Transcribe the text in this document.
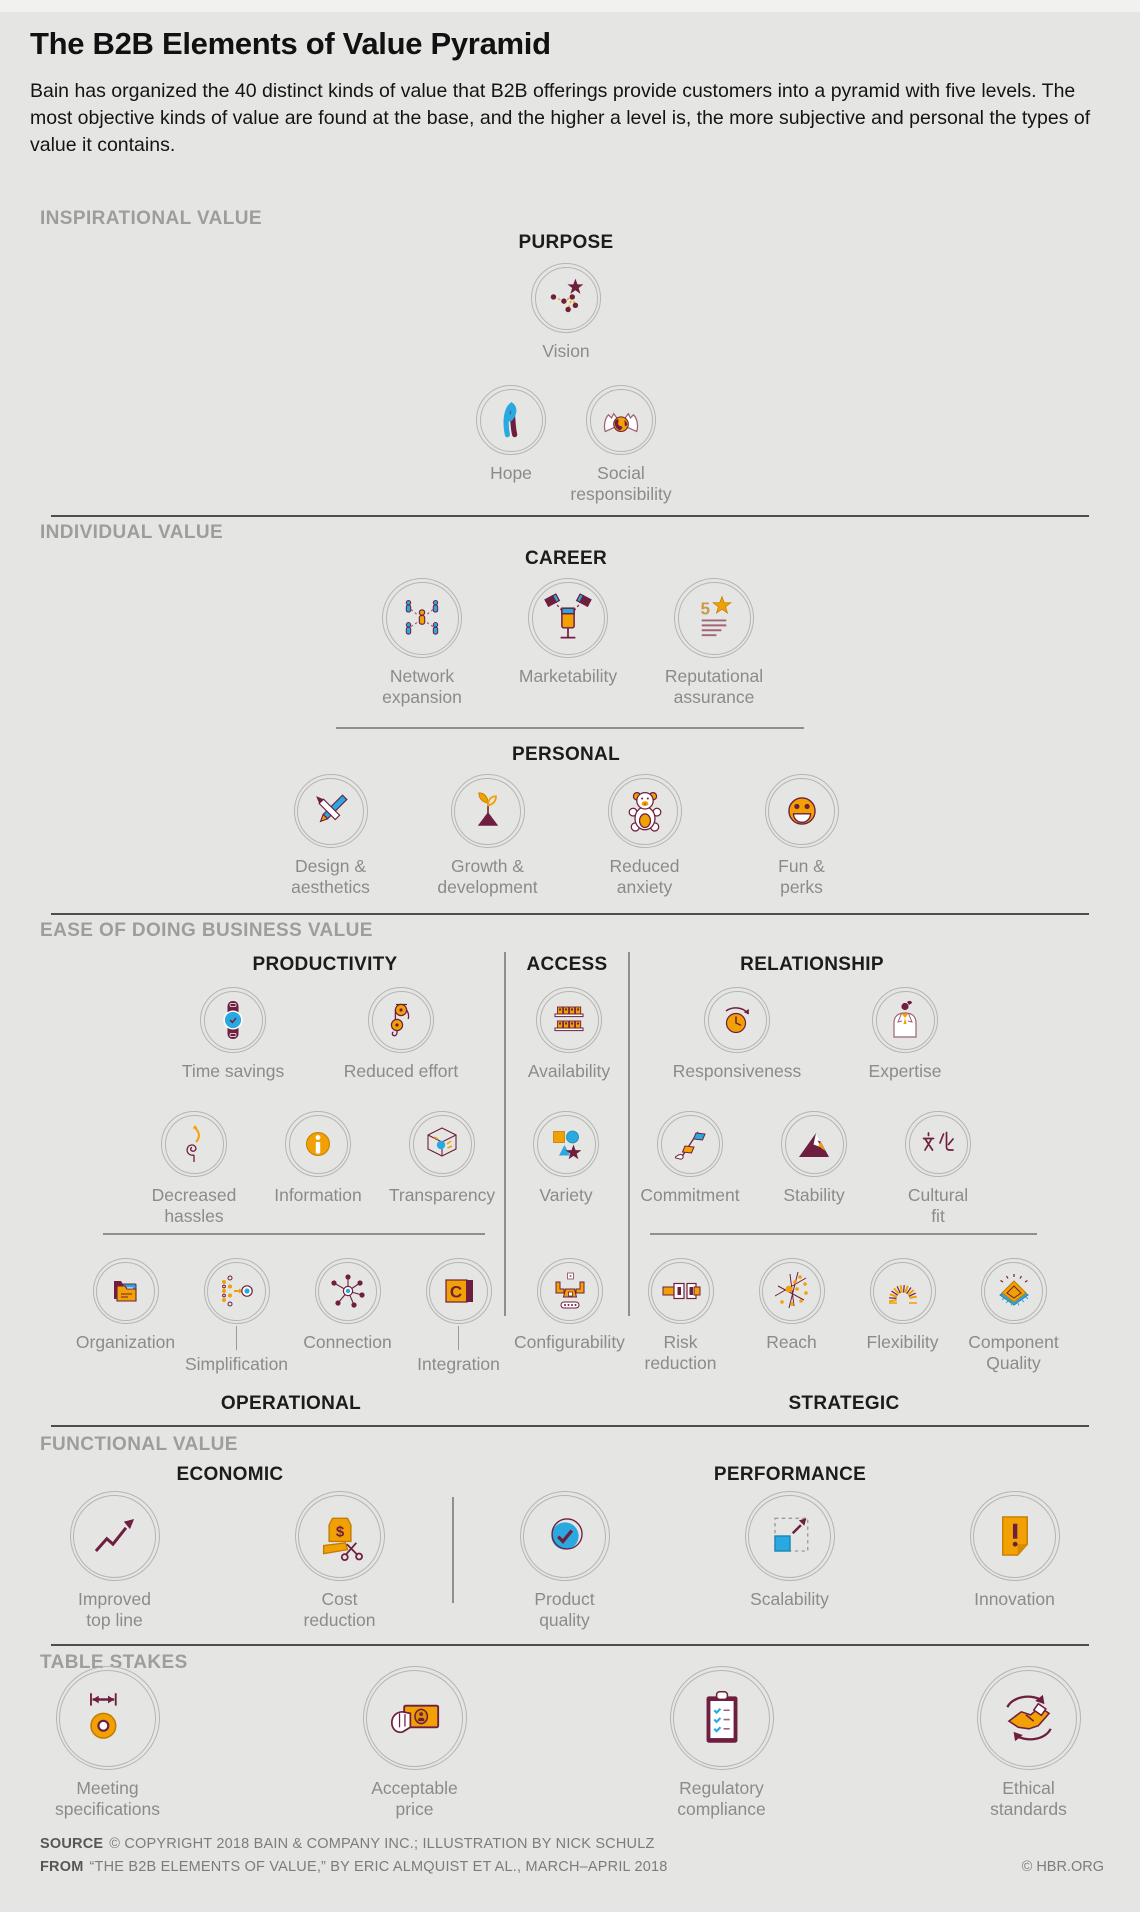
The B2B Elements of Value Pyramid
Bain has organized the 40 distinct kinds of value that B2B offerings provide customers into a pyramid with five levels. The most objective kinds of value are found at the base, and the higher a level is, the more subjective and personal the types of value it contains.
INSPIRATIONAL VALUE
PURPOSE
Vision
Hope	Social responsibility
INDIVIDUAL VALUE
CAREER
Network expansion
Marketability
5
Reputational assurance
PERSONAL
Design & aesthetics
Growth & development
Reduced anxiety
Fun & perks
EASE OF DOING BUSINESS VALUE
PRODUCTIVITY	ACCESS	RELATIONSHIP
Time savings	Reduced effort	Availability	Responsiveness	Expertise
Decreased hassles
Information Transparency	Variety	Commitment	Stability	Cultural fit
Organization
Simplification
Connection
C
Integration
Configurability	Risk reduction
Reach	Flexibility Component Quality
OPERATIONAL	STRATEGIC
FUNCTIONAL VALUE
ECONOMIC	PERFORMANCE
Improved top line
$
Cost reduction
Product quality
Scalability	Innovation
TABLE STAKES
Meeting specifications
Acceptable price
Regulatory compliance
Ethical standards
SOURCE © COPYRIGHT 2018 BAIN & COMPANY INC.; ILLUSTRATION BY NICK SCHULZ
FROM “THE B2B ELEMENTS OF VALUE,” BY ERIC ALMQUIST ET AL., MARCH–APRIL 2018	© HBR.ORG
